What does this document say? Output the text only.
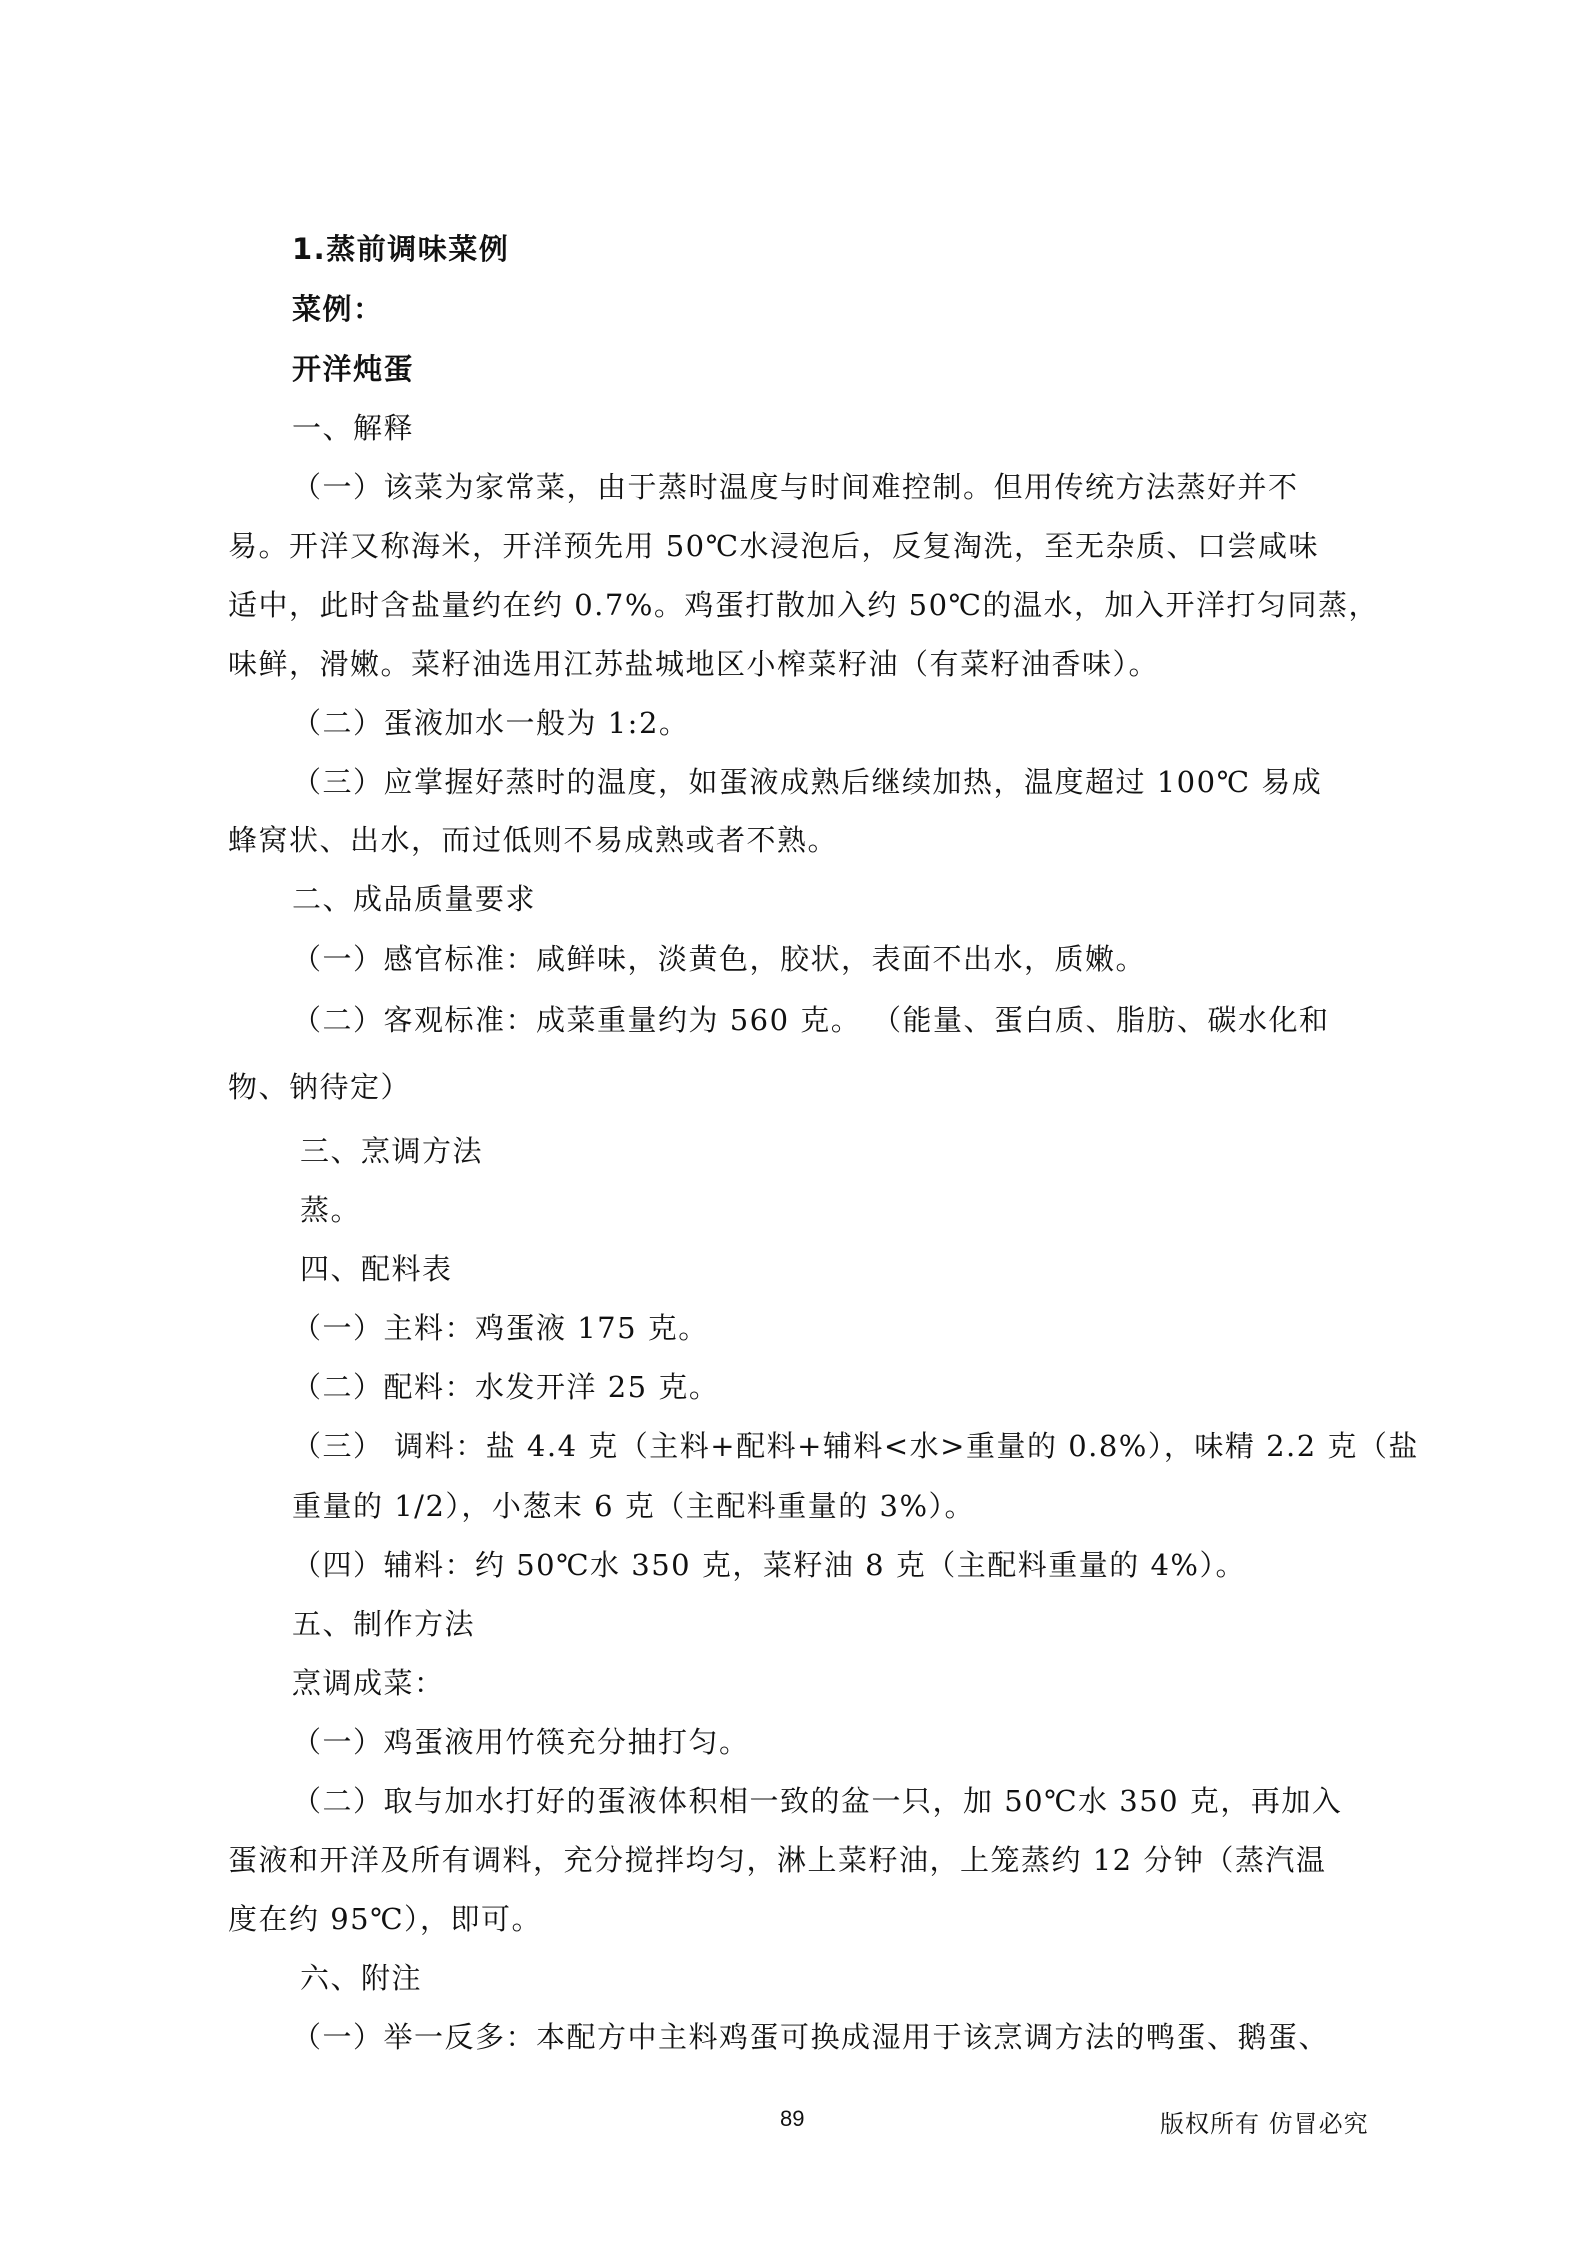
1.蒸前调味菜例
菜例：
开洋炖蛋
一、解释
（一）该菜为家常菜，由于蒸时温度与时间难控制。但用传统方法蒸好并不
易。开洋又称海米，开洋预先用 50℃水浸泡后，反复淘洗，至无杂质、口尝咸味
适中，此时含盐量约在约 0.7%。鸡蛋打散加入约 50℃的温水，加入开洋打匀同蒸，
味鲜，滑嫩。菜籽油选用江苏盐城地区小榨菜籽油（有菜籽油香味）。
（二）蛋液加水一般为 1:2。
（三）应掌握好蒸时的温度，如蛋液成熟后继续加热，温度超过 100℃ 易成
蜂窝状、出水，而过低则不易成熟或者不熟。
二、成品质量要求
（一）感官标准：咸鲜味，淡黄色，胶状，表面不出水，质嫩。
（二）客观标准：成菜重量约为 560 克。 （能量、蛋白质、脂肪、碳水化和
物、钠待定）
三、烹调方法
蒸。
四、配料表
（一）主料：鸡蛋液 175 克。
（二）配料：水发开洋 25 克。
（三） 调料：盐 4.4 克（主料+配料+辅料<水>重量的 0.8%），味精 2.2 克（盐
重量的 1/2），小葱末 6 克（主配料重量的 3%）。
（四）辅料：约 50℃水 350 克，菜籽油 8 克（主配料重量的 4%）。
五、制作方法
烹调成菜：
（一）鸡蛋液用竹筷充分抽打匀。
（二）取与加水打好的蛋液体积相一致的盆一只，加 50℃水 350 克，再加入
蛋液和开洋及所有调料，充分搅拌均匀，淋上菜籽油，上笼蒸约 12 分钟（蒸汽温
度在约 95℃），即可。
六、附注
（一）举一反多：本配方中主料鸡蛋可换成湿用于该烹调方法的鸭蛋、鹅蛋、
89	版权所有 仿冒必究
